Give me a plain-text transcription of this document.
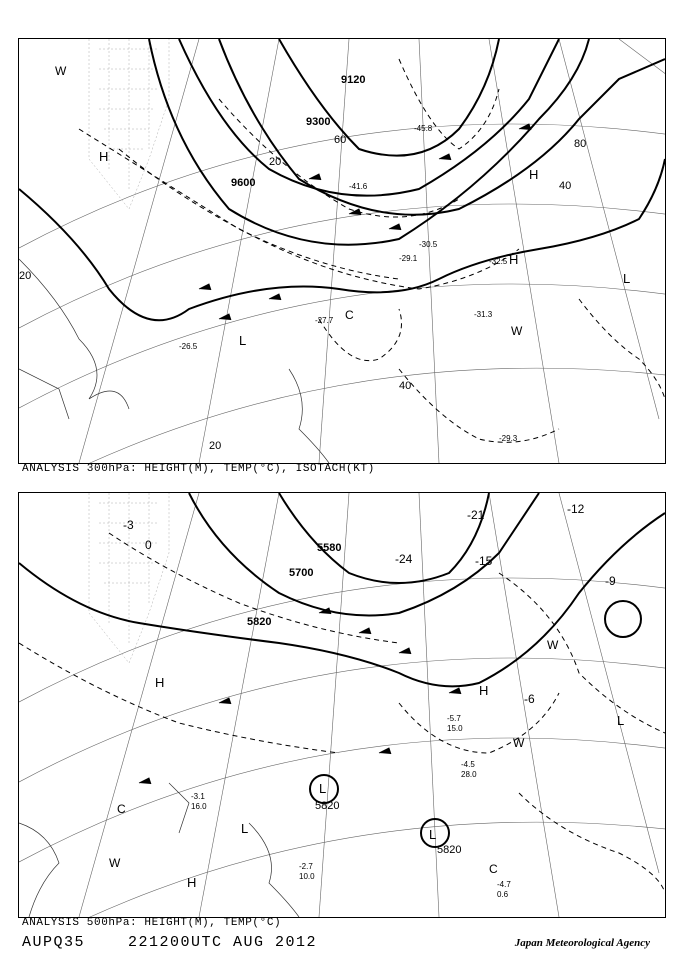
9120
9300
9600
20
20
20
40
40
60	80
-27.7
-29.1
-31.3
-32.5
-26.5
-30.5
-45.8
-41.6
-29.3
H
H
H
L
L
C
W
W
ANALYSIS 300hPa: HEIGHT(M), TEMP(°C), ISOTACH(KT)
5580
5700
5820
5820
5820
-3
-6
-9
-12
0
-15
-21
-24
-4.5
28.0
-2.7
10.0
-4.7
0.6
-3.1
16.0
-5.7
15.0
H
H
H
L
L
L
L
C
C
W
W
W
ANALYSIS 500hPa: HEIGHT(M), TEMP(°C)
AUPQ35	221200UTC AUG 2012	Japan Meteorological Agency
